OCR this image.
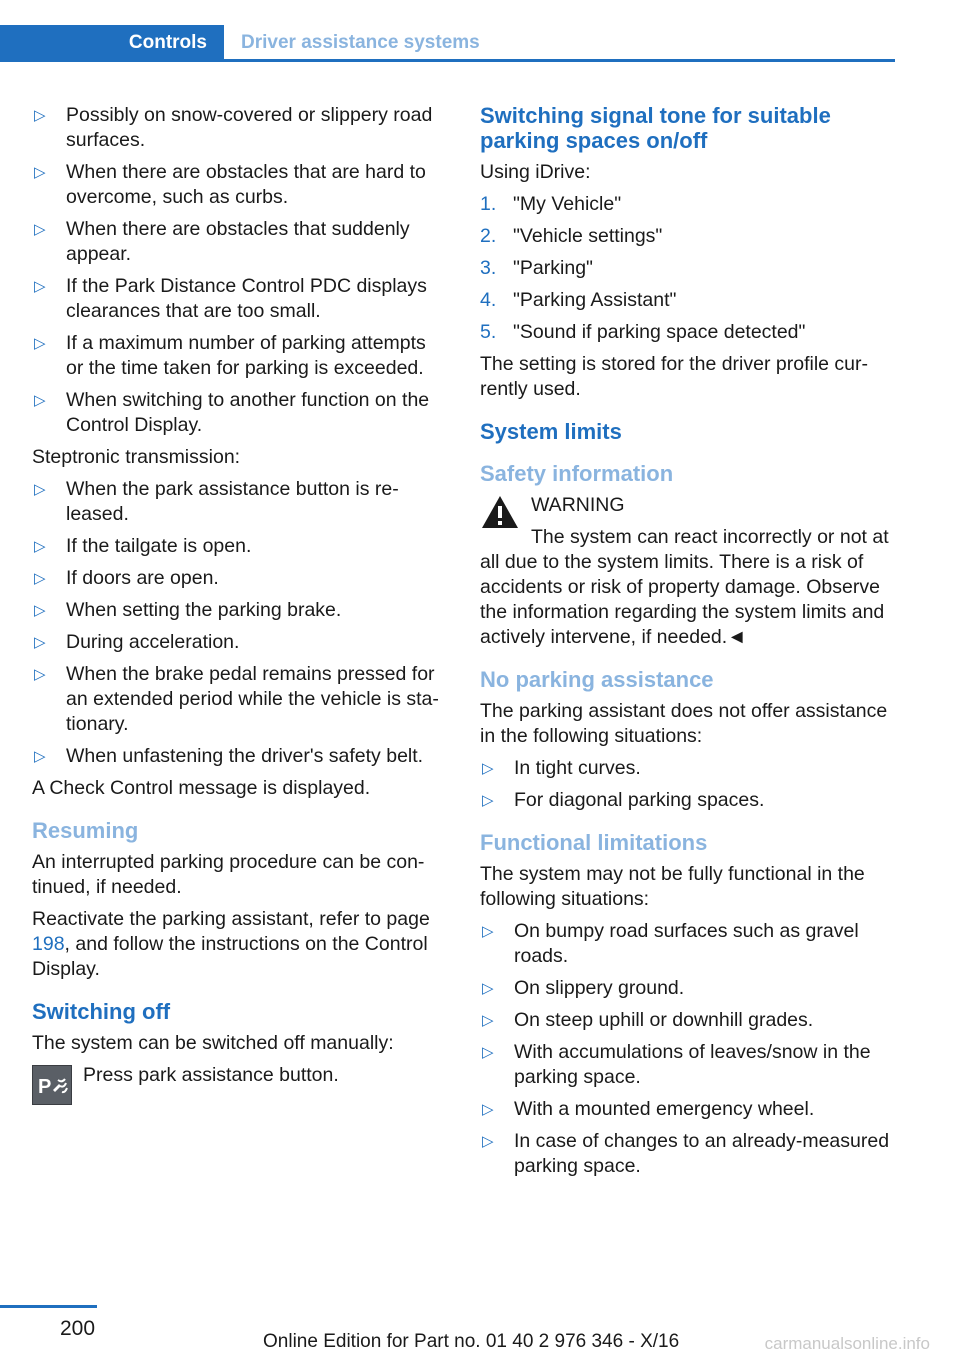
Controls Driver assistance systems
▷ Possibly on snow-covered or slippery road surfaces.
▷ When there are obstacles that are hard to overcome, such as curbs.
▷ When there are obstacles that suddenly appear.
▷ If the Park Distance Control PDC displays clearances that are too small.
▷ If a maximum number of parking attempts or the time taken for parking is exceeded.
▷ When switching to another function on the Control Display.

Steptronic transmission:

▷ When the park assistance button is released.
▷ If the tailgate is open.
▷ If doors are open.
▷ When setting the parking brake.
▷ During acceleration.
▷ When the brake pedal remains pressed for an extended period while the vehicle is stationary.
▷ When unfastening the driver's safety belt.

A Check Control message is displayed.

Resuming

An interrupted parking procedure can be continued, if needed.

Reactivate the parking assistant, refer to page 198, and follow the instructions on the Control Display.

Switching off

The system can be switched off manually:

P
Press park assistance button.
Switching signal tone for suitable parking spaces on/off

Using iDrive:

1. "My Vehicle"
2. "Vehicle settings"
3. "Parking"
4. "Parking Assistant"
5. "Sound if parking space detected"

The setting is stored for the driver profile currently used.

System limits
Safety information

WARNING

The system can react incorrectly or not at all due to the system limits. There is a risk of accidents or risk of property damage. Observe the information regarding the system limits and actively intervene, if needed.◄

No parking assistance

The parking assistant does not offer assistance in the following situations:

▷ In tight curves.
▷ For diagonal parking spaces.
Functional limitations

The system may not be fully functional in the following situations:

▷ On bumpy road surfaces such as gravel roads.
▷ On slippery ground.
▷ On steep uphill or downhill grades.
▷ With accumulations of leaves/snow in the parking space.
▷ With a mounted emergency wheel.
▷ In case of changes to an already-measured parking space.
200
Online Edition for Part no. 01 40 2 976 346 - X/16	carmanualsonline.info
